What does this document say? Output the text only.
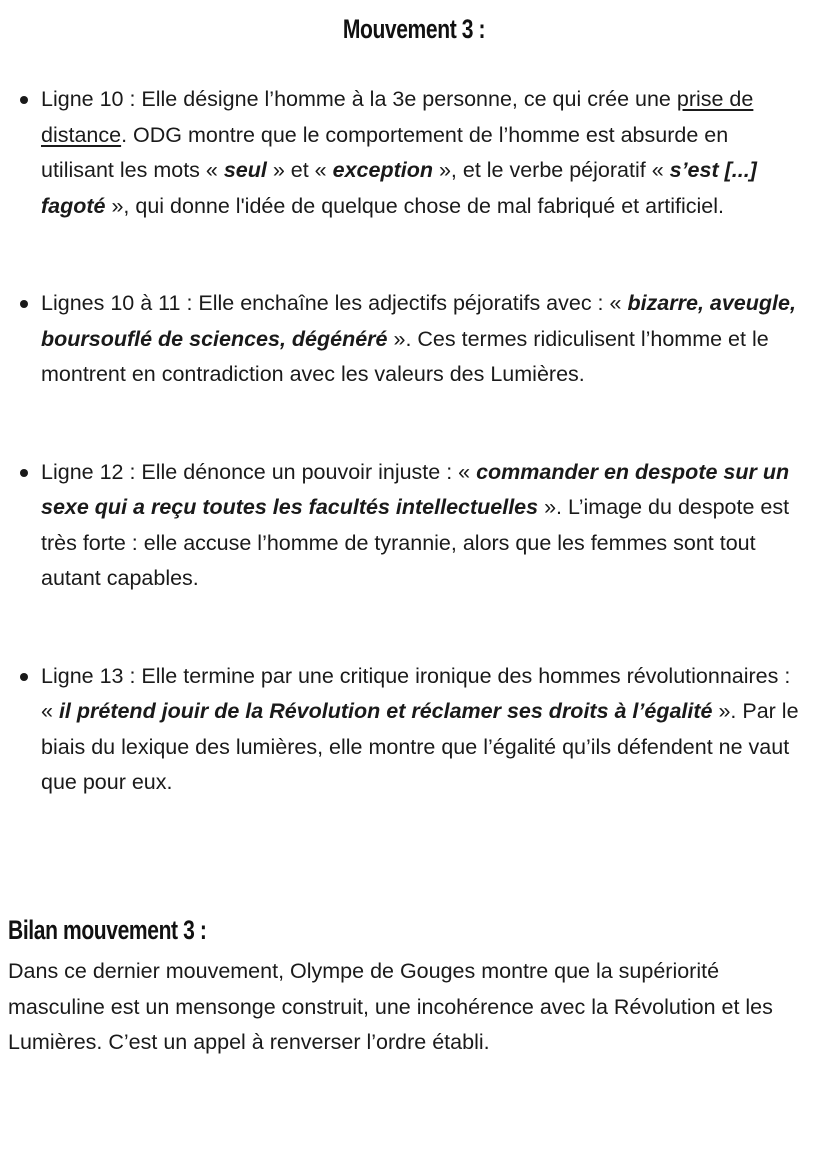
Mouvement 3 :
Ligne 10 : Elle désigne l’homme à la 3e personne, ce qui crée une prise de distance. ODG montre que le comportement de l’homme est absurde en utilisant les mots « seul » et « exception », et le verbe péjoratif « s’est [...] fagoté », qui donne l'idée de quelque chose de mal fabriqué et artificiel.
Lignes 10 à 11 : Elle enchaîne les adjectifs péjoratifs avec : « bizarre, aveugle, boursouflé de sciences, dégénéré ». Ces termes ridiculisent l’homme et le montrent en contradiction avec les valeurs des Lumières.
Ligne 12 : Elle dénonce un pouvoir injuste : « commander en despote sur un sexe qui a reçu toutes les facultés intellectuelles ». L’image du despote est très forte : elle accuse l’homme de tyrannie, alors que les femmes sont tout autant capables.
Ligne 13 : Elle termine par une critique ironique des hommes révolutionnaires : « il prétend jouir de la Révolution et réclamer ses droits à l’égalité ». Par le biais du lexique des lumières, elle montre que l’égalité qu’ils défendent ne vaut que pour eux.
Bilan mouvement 3 :
Dans ce dernier mouvement, Olympe de Gouges montre que la supériorité masculine est un mensonge construit, une incohérence avec la Révolution et les Lumières. C’est un appel à renverser l’ordre établi.
